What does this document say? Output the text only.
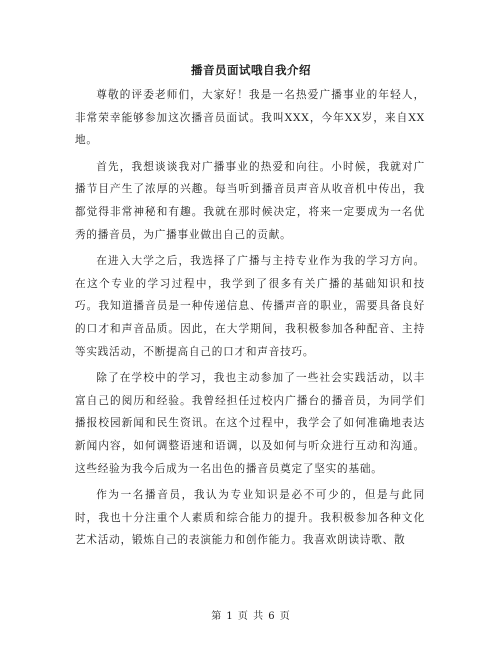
播音员面试哦自我介绍

尊敬的评委老师们，大家好！我是一名热爱广播事业的年轻人，非常荣幸能够参加这次播音员面试。我叫XXX，今年XX岁，来自XX地。

首先，我想谈谈我对广播事业的热爱和向往。小时候，我就对广播节目产生了浓厚的兴趣。每当听到播音员声音从收音机中传出，我都觉得非常神秘和有趣。我就在那时候决定，将来一定要成为一名优秀的播音员，为广播事业做出自己的贡献。

在进入大学之后，我选择了广播与主持专业作为我的学习方向。在这个专业的学习过程中，我学到了很多有关广播的基础知识和技巧。我知道播音员是一种传递信息、传播声音的职业，需要具备良好的口才和声音品质。因此，在大学期间，我积极参加各种配音、主持等实践活动，不断提高自己的口才和声音技巧。

除了在学校中的学习，我也主动参加了一些社会实践活动，以丰富自己的阅历和经验。我曾经担任过校内广播台的播音员，为同学们播报校园新闻和民生资讯。在这个过程中，我学会了如何准确地表达新闻内容，如何调整语速和语调，以及如何与听众进行互动和沟通。这些经验为我今后成为一名出色的播音员奠定了坚实的基础。

作为一名播音员，我认为专业知识是必不可少的，但是与此同时，我也十分注重个人素质和综合能力的提升。我积极参加各种文化艺术活动，锻炼自己的表演能力和创作能力。我喜欢朗读诗歌、散

第 1 页 共 6 页
